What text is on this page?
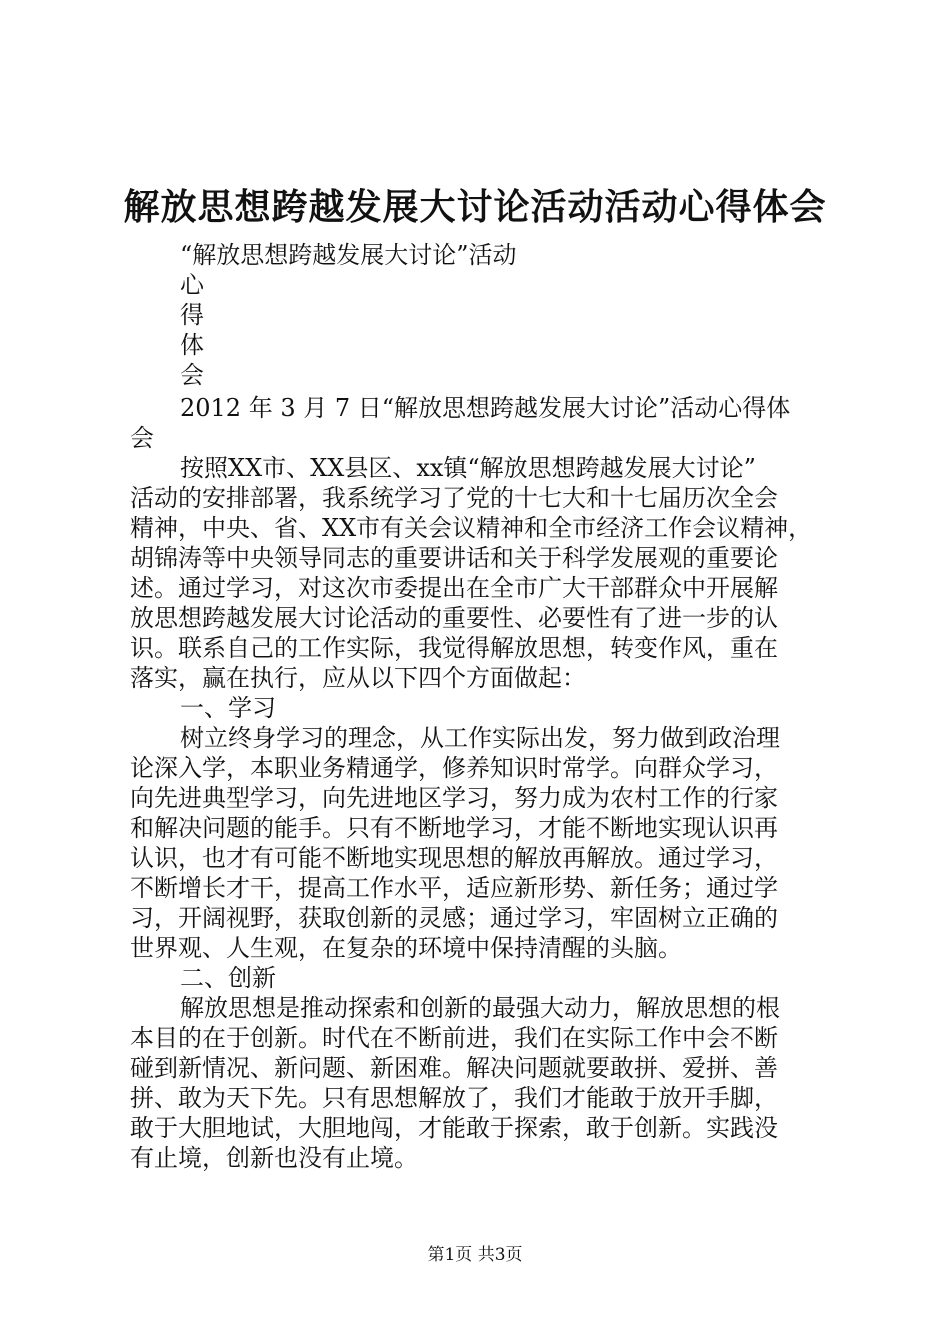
解放思想跨越发展大讨论活动活动心得体会
“解放思想跨越发展大讨论”活动
心
得
体
会
2012 年 3 月 7 日“解放思想跨越发展大讨论”活动心得体
会
按照XX市、XX县区、xx镇“解放思想跨越发展大讨论”
活动的安排部署，我系统学习了党的十七大和十七届历次全会
精神，中央、省、XX市有关会议精神和全市经济工作会议精神，
胡锦涛等中央领导同志的重要讲话和关于科学发展观的重要论
述。通过学习，对这次市委提出在全市广大干部群众中开展解
放思想跨越发展大讨论活动的重要性、必要性有了进一步的认
识。联系自己的工作实际，我觉得解放思想，转变作风，重在
落实，赢在执行，应从以下四个方面做起：
一、学习
树立终身学习的理念，从工作实际出发，努力做到政治理
论深入学，本职业务精通学，修养知识时常学。向群众学习，
向先进典型学习，向先进地区学习，努力成为农村工作的行家
和解决问题的能手。只有不断地学习，才能不断地实现认识再
认识，也才有可能不断地实现思想的解放再解放。通过学习，
不断增长才干，提高工作水平，适应新形势、新任务；通过学
习，开阔视野，获取创新的灵感；通过学习，牢固树立正确的
世界观、人生观，在复杂的环境中保持清醒的头脑。
二、创新
解放思想是推动探索和创新的最强大动力，解放思想的根
本目的在于创新。时代在不断前进，我们在实际工作中会不断
碰到新情况、新问题、新困难。解决问题就要敢拼、爱拼、善
拼、敢为天下先。只有思想解放了，我们才能敢于放开手脚，
敢于大胆地试，大胆地闯，才能敢于探索，敢于创新。实践没
有止境，创新也没有止境。
第1页 共3页
